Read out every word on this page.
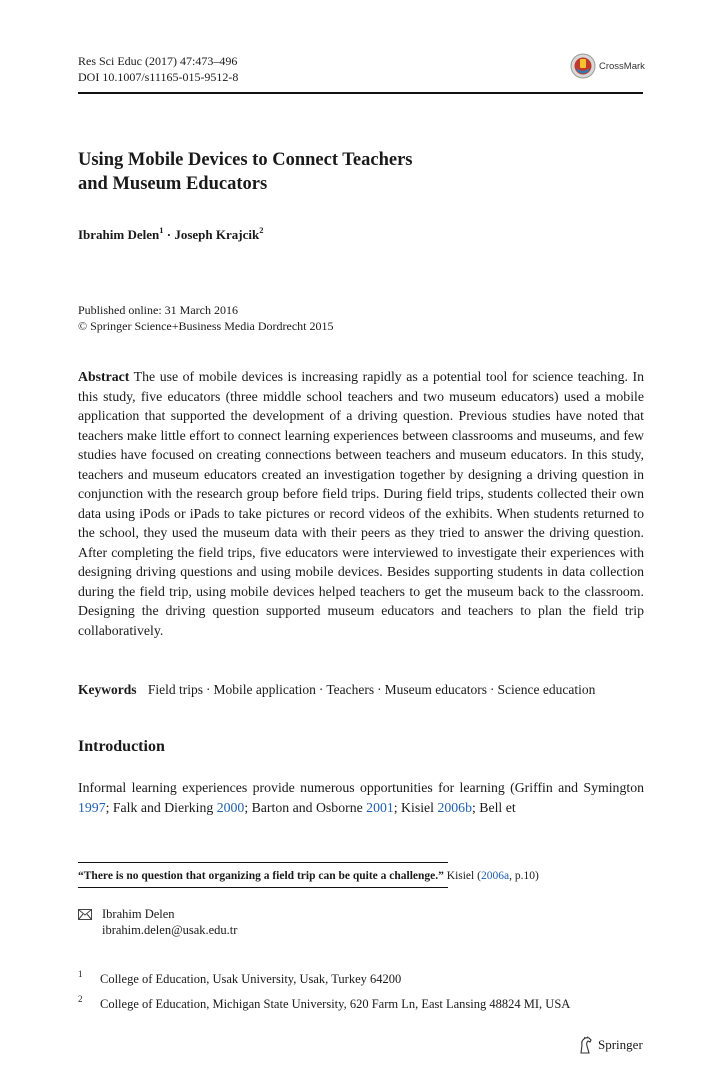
Res Sci Educ (2017) 47:473–496
DOI 10.1007/s11165-015-9512-8
CrossMark
Using Mobile Devices to Connect Teachers
and Museum Educators
Ibrahim Delen$^1$ · Joseph Krajcik$^2$
Published online: 31 March 2016
© Springer Science+Business Media Dordrecht 2015
Abstract The use of mobile devices is increasing rapidly as a potential tool for science teaching. In this study, five educators (three middle school teachers and two museum educators) used a mobile application that supported the development of a driving question. Previous studies have noted that teachers make little effort to connect learning experiences between classrooms and museums, and few studies have focused on creating connections between teachers and museum educators. In this study, teachers and museum educators created an investigation together by designing a driving question in conjunction with the research group before field trips. During field trips, students collected their own data using iPods or iPads to take pictures or record videos of the exhibits. When students returned to the school, they used the museum data with their peers as they tried to answer the driving question. After completing the field trips, five educators were interviewed to investigate their experiences with designing driving questions and using mobile devices. Besides supporting students in data collection during the field trip, using mobile devices helped teachers to get the museum back to the classroom. Designing the driving question supported museum educators and teachers to plan the field trip collaboratively.
Keywords Field trips · Mobile application · Teachers · Museum educators · Science education
Introduction
Informal learning experiences provide numerous opportunities for learning (Griffin and Symington 1997; Falk and Dierking 2000; Barton and Osborne 2001; Kisiel 2006b; Bell et
“There is no question that organizing a field trip can be quite a challenge.” Kisiel (2006a, p.10)
Ibrahim Delen
ibrahim.delen@usak.edu.tr
1	College of Education, Usak University, Usak, Turkey 64200
2	College of Education, Michigan State University, 620 Farm Ln, East Lansing 48824 MI, USA
Springer
